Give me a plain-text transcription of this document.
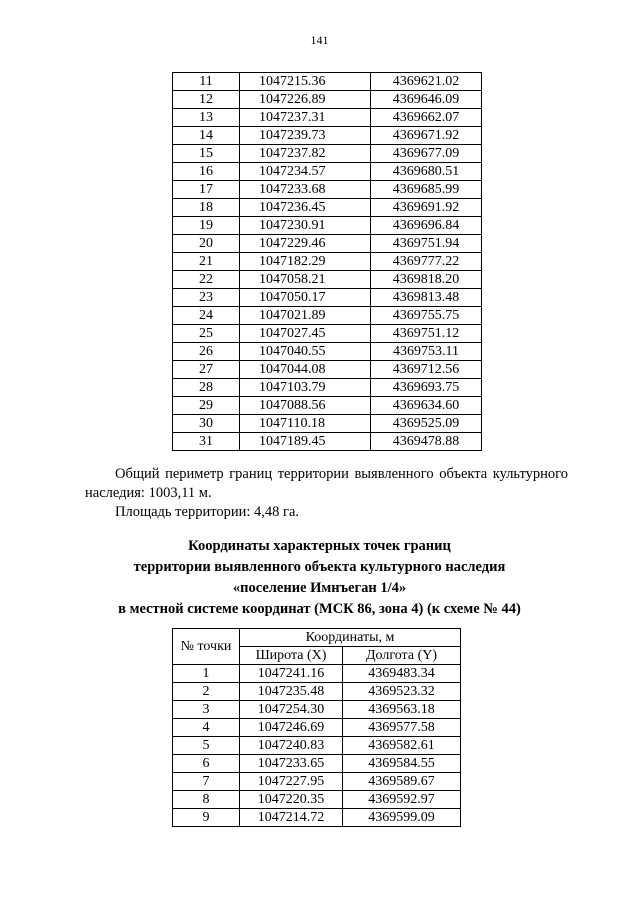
141
11	1047215.36	4369621.02
12	1047226.89	4369646.09
13	1047237.31	4369662.07
14	1047239.73	4369671.92
15	1047237.82	4369677.09
16	1047234.57	4369680.51
17	1047233.68	4369685.99
18	1047236.45	4369691.92
19	1047230.91	4369696.84
20	1047229.46	4369751.94
21	1047182.29	4369777.22
22	1047058.21	4369818.20
23	1047050.17	4369813.48
24	1047021.89	4369755.75
25	1047027.45	4369751.12
26	1047040.55	4369753.11
27	1047044.08	4369712.56
28	1047103.79	4369693.75
29	1047088.56	4369634.60
30	1047110.18	4369525.09
31	1047189.45	4369478.88
Общий периметр границ территории выявленного объекта культурного наследия: 1003,11 м.
Площадь территории: 4,48 га.
Координаты характерных точек границ
территории выявленного объекта культурного наследия
«поселение Имнъеган 1/4»
в местной системе координат (МСК 86, зона 4) (к схеме № 44)
№ точки	Координаты, м	
	Широта (X)	Долгота (Y)
1	1047241.16	4369483.34
2	1047235.48	4369523.32
3	1047254.30	4369563.18
4	1047246.69	4369577.58
5	1047240.83	4369582.61
6	1047233.65	4369584.55
7	1047227.95	4369589.67
8	1047220.35	4369592.97
9	1047214.72	4369599.09
